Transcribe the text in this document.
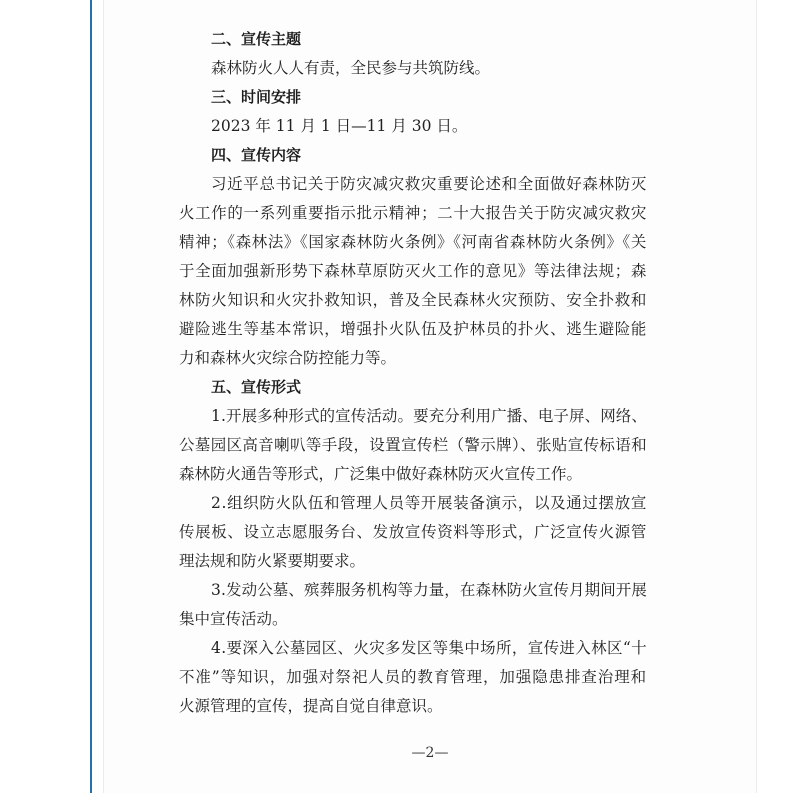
二、宣传主题
森林防火人人有责，全民参与共筑防线。
三、时间安排
2023 年 11 月 1 日—11 月 30 日。
四、宣传内容
习近平总书记关于防灾减灾救灾重要论述和全面做好森林防灭
火工作的一系列重要指示批示精神；二十大报告关于防灾减灾救灾
精神；《森林法》《国家森林防火条例》《河南省森林防火条例》《关
于全面加强新形势下森林草原防灭火工作的意见》等法律法规；森
林防火知识和火灾扑救知识，普及全民森林火灾预防、安全扑救和
避险逃生等基本常识，增强扑火队伍及护林员的扑火、逃生避险能
力和森林火灾综合防控能力等。
五、宣传形式
1.开展多种形式的宣传活动。要充分利用广播、电子屏、网络、
公墓园区高音喇叭等手段，设置宣传栏（警示牌）、张贴宣传标语和
森林防火通告等形式，广泛集中做好森林防灭火宣传工作。
2.组织防火队伍和管理人员等开展装备演示，以及通过摆放宣
传展板、设立志愿服务台、发放宣传资料等形式，广泛宣传火源管
理法规和防火紧要期要求。
3.发动公墓、殡葬服务机构等力量，在森林防火宣传月期间开展
集中宣传活动。
4.要深入公墓园区、火灾多发区等集中场所，宣传进入林区“十
不准”等知识，加强对祭祀人员的教育管理，加强隐患排查治理和
火源管理的宣传，提高自觉自律意识。
—2—
